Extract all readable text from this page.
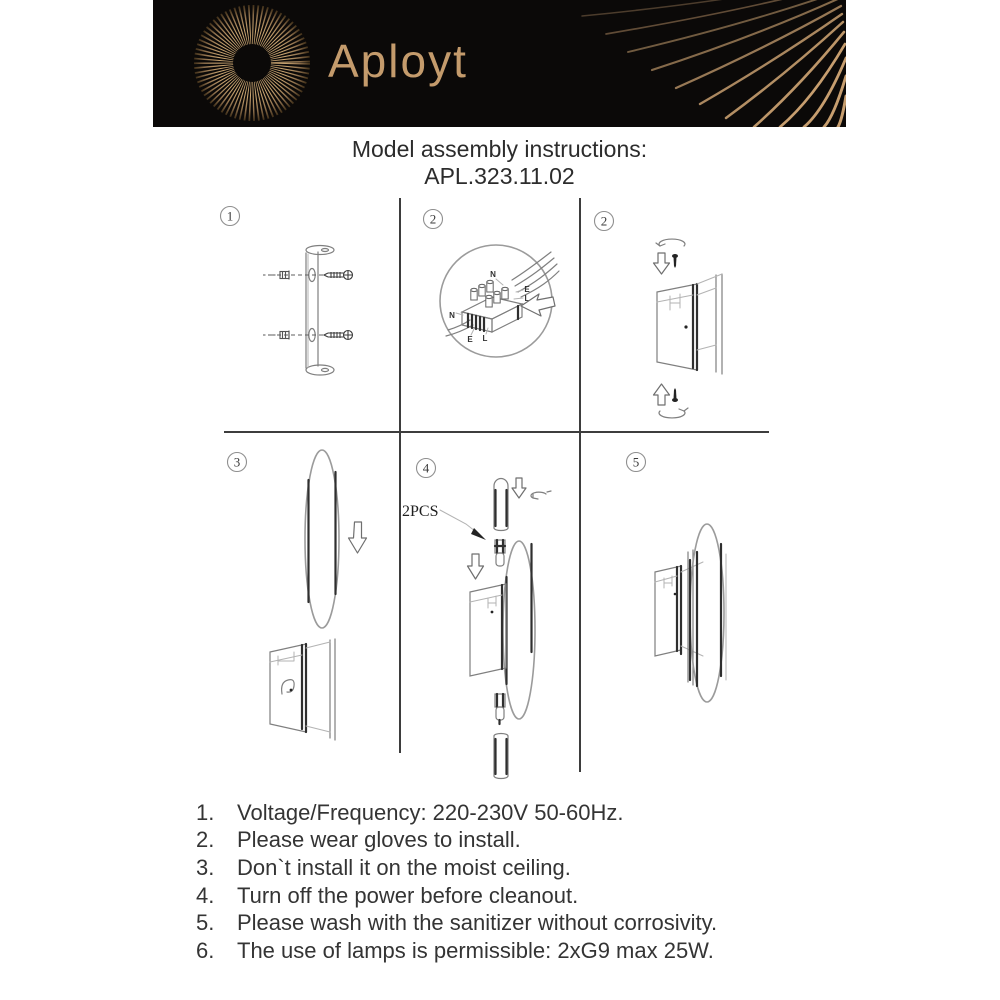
Aployt
Model assembly instructions:
APL.323.11.02
1	2
N
E
L
N
E L
2
3	4
2PCS
5
1.	Voltage/Frequency: 220-230V 50-60Hz.
2.	Please wear gloves to install.
3.	Don`t install it on the moist ceiling.
4.	Turn off the power before cleanout.
5.	Please wash with the sanitizer without corrosivity.
6.	The use of lamps is permissible: 2xG9 max 25W.
